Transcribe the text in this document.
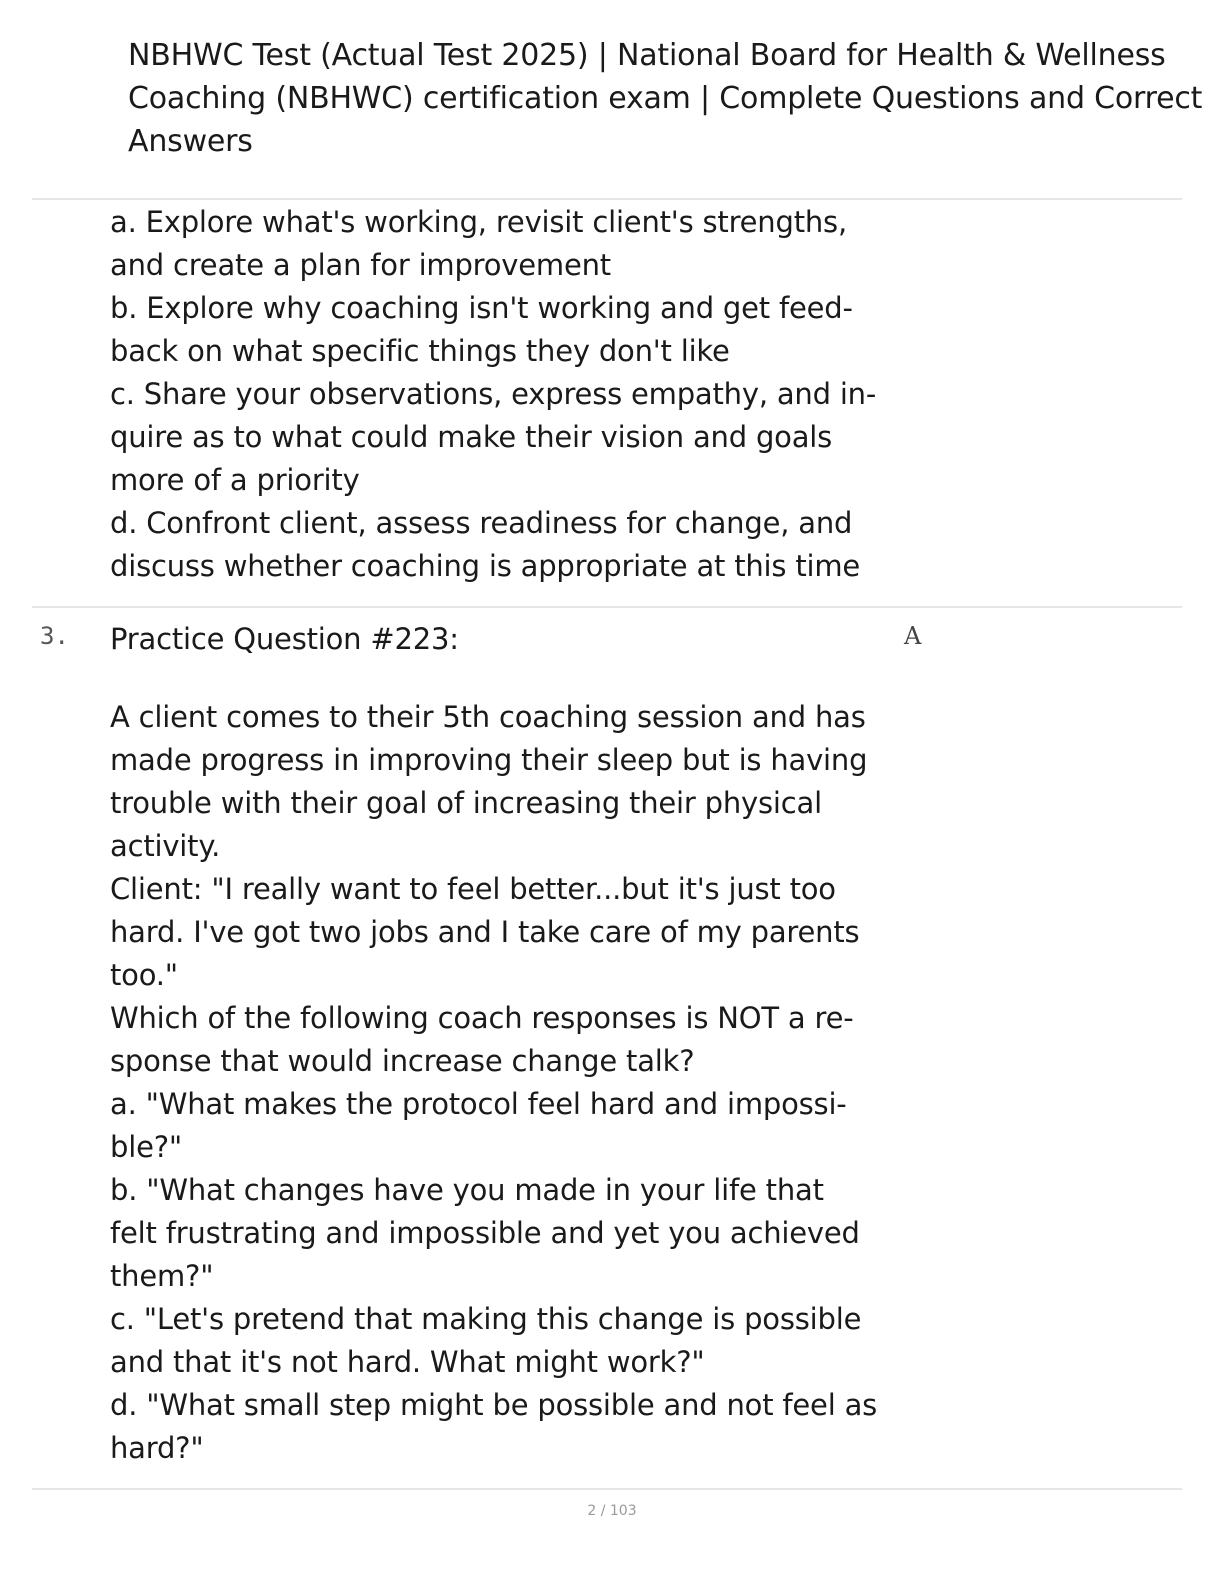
NBHWC Test (Actual Test 2025) | National Board for Health & Wellness
Coaching (NBHWC) certification exam | Complete Questions and Correct
Answers
a. Explore what's working, revisit client's strengths,
and create a plan for improvement
b. Explore why coaching isn't working and get feed-
back on what specific things they don't like
c. Share your observations, express empathy, and in-
quire as to what could make their vision and goals
more of a priority
d. Confront client, assess readiness for change, and
discuss whether coaching is appropriate at this time
3.	A
Practice Question #223:
A client comes to their 5th coaching session and has
made progress in improving their sleep but is having
trouble with their goal of increasing their physical
activity.
Client: "I really want to feel better...but it's just too
hard. I've got two jobs and I take care of my parents
too."
Which of the following coach responses is NOT a re-
sponse that would increase change talk?
a. "What makes the protocol feel hard and impossi-
ble?"
b. "What changes have you made in your life that
felt frustrating and impossible and yet you achieved
them?"
c. "Let's pretend that making this change is possible
and that it's not hard. What might work?"
d. "What small step might be possible and not feel as
hard?"
2 / 103
